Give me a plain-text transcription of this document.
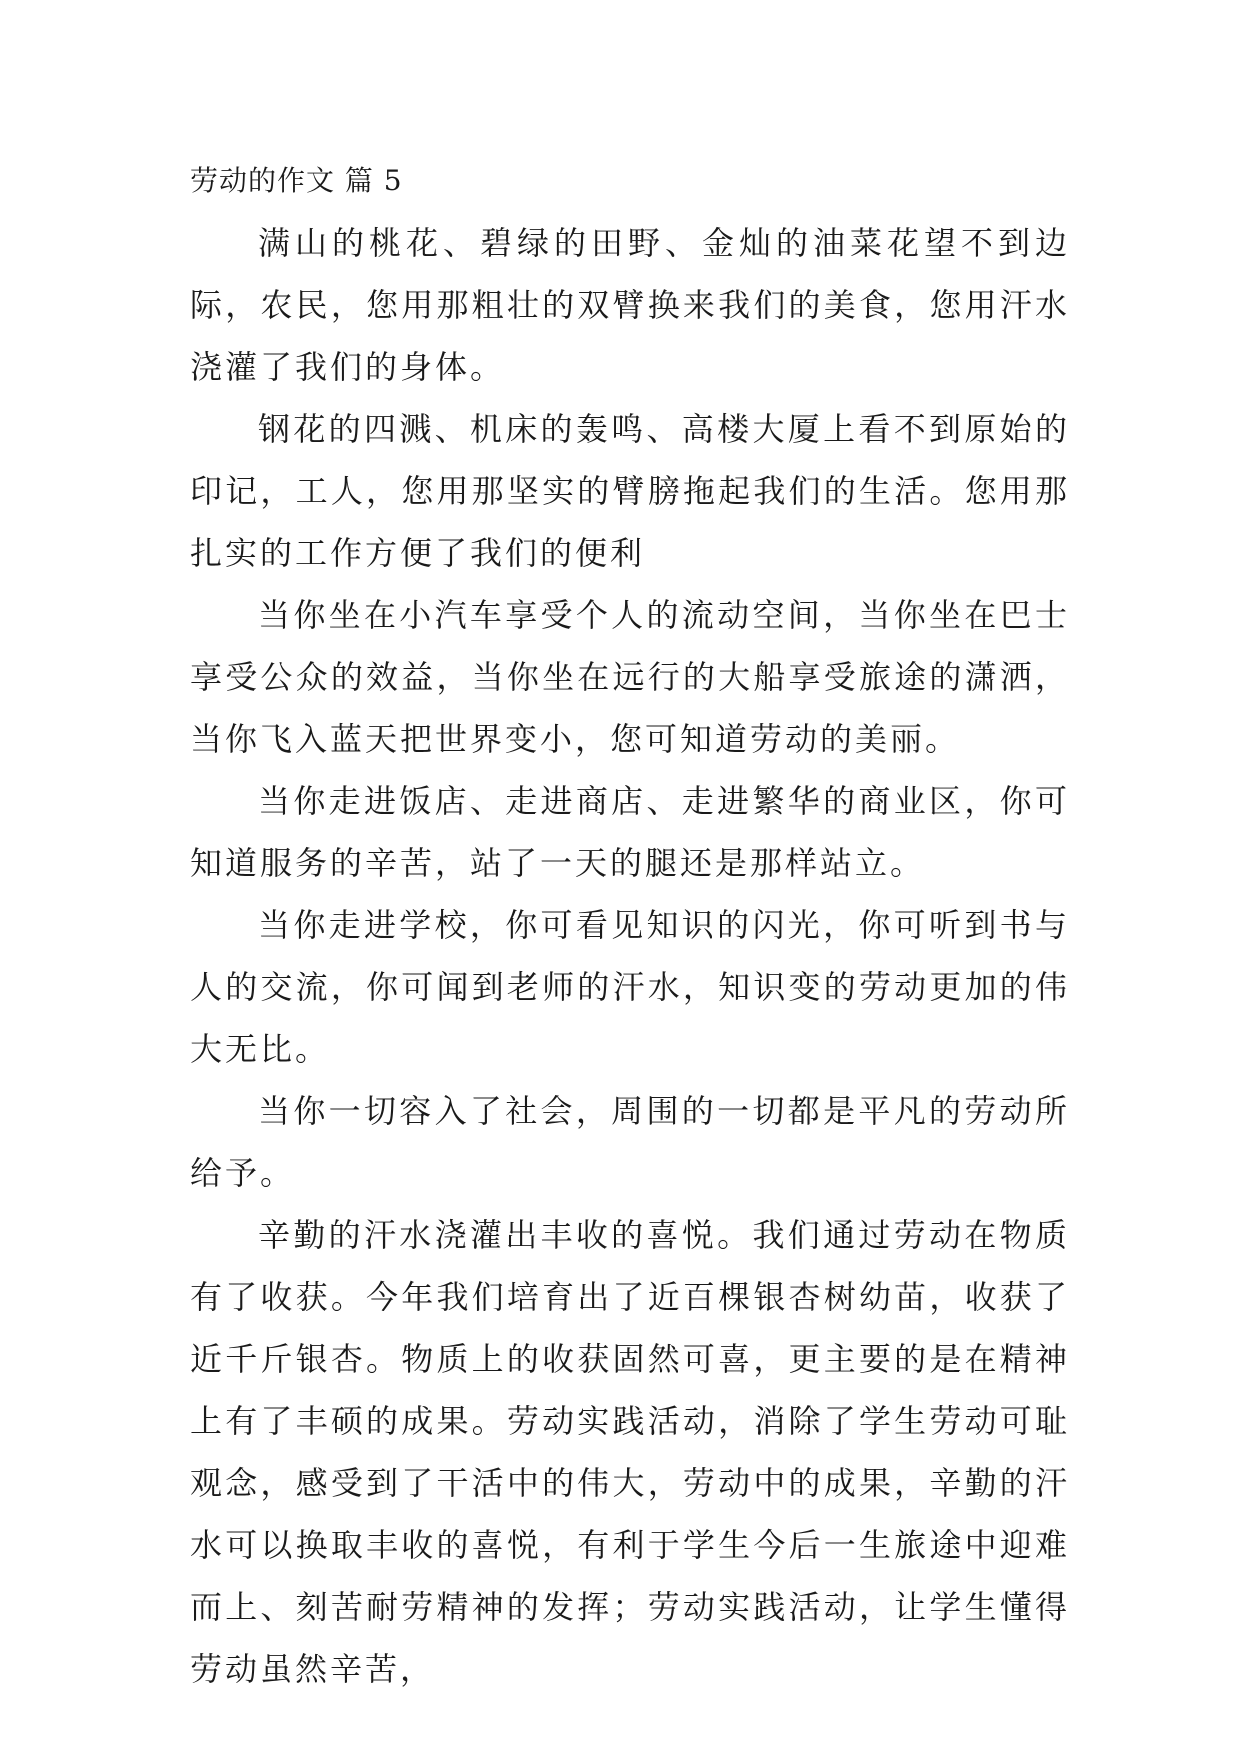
劳动的作文 篇 5

满山的桃花、碧绿的田野、金灿的油菜花望不到边际，农民，您用那粗壮的双臂换来我们的美食，您用汗水浇灌了我们的身体。

钢花的四溅、机床的轰鸣、高楼大厦上看不到原始的印记，工人，您用那坚实的臂膀拖起我们的生活。您用那扎实的工作方便了我们的便利

当你坐在小汽车享受个人的流动空间，当你坐在巴士享受公众的效益，当你坐在远行的大船享受旅途的潇洒，当你飞入蓝天把世界变小，您可知道劳动的美丽。

当你走进饭店、走进商店、走进繁华的商业区，你可知道服务的辛苦，站了一天的腿还是那样站立。

当你走进学校，你可看见知识的闪光，你可听到书与人的交流，你可闻到老师的汗水，知识变的劳动更加的伟大无比。

当你一切容入了社会，周围的一切都是平凡的劳动所给予。

辛勤的汗水浇灌出丰收的喜悦。我们通过劳动在物质有了收获。今年我们培育出了近百棵银杏树幼苗，收获了近千斤银杏。物质上的收获固然可喜，更主要的是在精神上有了丰硕的成果。劳动实践活动，消除了学生劳动可耻观念，感受到了干活中的伟大，劳动中的成果，辛勤的汗水可以换取丰收的喜悦，有利于学生今后一生旅途中迎难而上、刻苦耐劳精神的发挥；劳动实践活动，让学生懂得劳动虽然辛苦，
